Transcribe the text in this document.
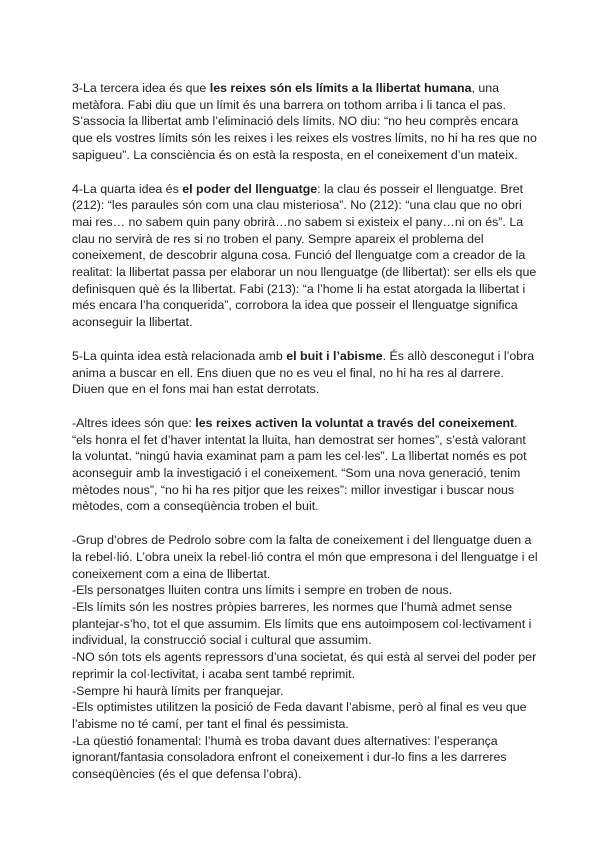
3-La tercera idea és que les reixes són els límits a la llibertat humana, una
metàfora. Fabi diu que un límit és una barrera on tothom arriba i li tanca el pas.
S’associa la llibertat amb l’eliminació dels límits. NO diu: “no heu comprès encara
que els vostres límits són les reixes i les reixes els vostres límits, no hi ha res que no
sapigueu”. La consciència és on està la resposta, en el coneixement d’un mateix.
4-La quarta idea és el poder del llenguatge: la clau és posseir el llenguatge. Bret
(212): “les paraules són com una clau misteriosa”. No (212): “una clau que no obri
mai res… no sabem quin pany obrirà…no sabem si existeix el pany…ni on és”. La
clau no servirà de res si no troben el pany. Sempre apareix el problema del
coneixement, de descobrir alguna cosa. Funció del llenguatge com a creador de la
realitat: la llibertat passa per elaborar un nou llenguatge (de llibertat): ser ells els que
definisquen què és la llibertat. Fabi (213): “a l’home li ha estat atorgada la llibertat i
més encara l’ha conquerida”, corrobora la idea que posseir el llenguatge significa
aconseguir la llibertat.
5-La quinta idea està relacionada amb el buit i l’abisme. És allò desconegut i l’obra
anima a buscar en ell. Ens diuen que no es veu el final, no hi ha res al darrere.
Diuen que en el fons mai han estat derrotats.
-Altres idees són que: les reixes activen la voluntat a través del coneixement.
“els honra el fet d’haver intentat la lluita, han demostrat ser homes”, s’està valorant
la voluntat. “ningú havia examinat pam a pam les cel·les”. La llibertat només es pot
aconseguir amb la investigació i el coneixement. “Som una nova generació, tenim
mètodes nous”, “no hi ha res pitjor que les reixes”: millor investigar i buscar nous
mètodes, com a conseqüència troben el buit.
-Grup d’obres de Pedrolo sobre com la falta de coneixement i del llenguatge duen a
la rebel·lió. L’obra uneix la rebel·lió contra el món que empresona i del llenguatge i el
coneixement com a eina de llibertat.
-Els personatges lluiten contra uns límits i sempre en troben de nous.
-Els límits són les nostres pròpies barreres, les normes que l’humà admet sense
plantejar-s’ho, tot el que assumim. Els límits que ens autoimposem col·lectivament i
individual, la construcció social i cultural que assumim.
-NO són tots els agents repressors d’una societat, és qui està al servei del poder per
reprimir la col·lectivitat, i acaba sent també reprimit.
-Sempre hi haurà límits per franquejar.
-Els optimistes utilitzen la posició de Feda davant l’abisme, però al final es veu que
l’abisme no té camí, per tant el final és pessimista.
-La qüestió fonamental: l’humà es troba davant dues alternatives: l’esperança
ignorant/fantasia consoladora enfront el coneixement i dur-lo fins a les darreres
conseqüències (és el que defensa l’obra).
